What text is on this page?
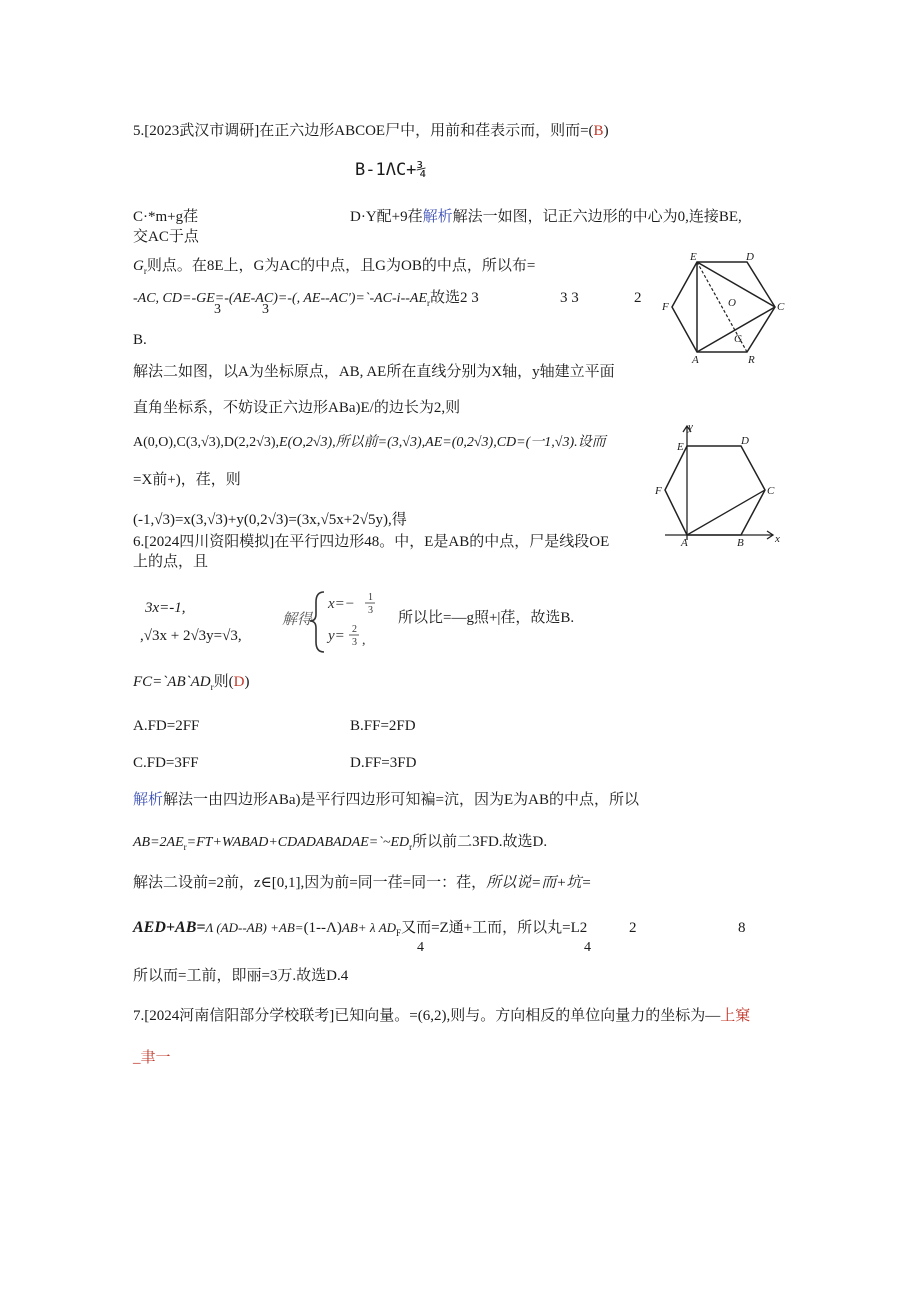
5.[2023武汉市调研]在正六边形ABCOE尸中，用前和荏表示而，则而=(B)
B-1ΛC+¾
C·*m+g荏	D·Y配+9荏解析解法一如图，记正六边形的中心为0,连接BE,
交AC于点
$G_r$则点。在8E上，G为AC的中点，且G为OB的中点，所以布=
-AC, CD=-GE=-(AE-AC)=-(, $AE--AC')=`-AC-i--AE_r$故选2 3
3	3
3 3	2
B.
解法二如图，以A为坐标原点，AB, AE所在直线分别为X轴，y轴建立平面
直角坐标系，不妨设正六边形ABa)E/的边长为2,则
A(0,O),C(3,√3),D(2,2√3),E(O,2√3),所以前=(3,√3),AE=(0,2√3),CD=(一1,√3).设而
=X前+)，荏，则
(-1,√3)=x(3,√3)+y(0,2√3)=(3x,√5x+2√5y),得
6.[2024四川资阳模拟]在平行四边形48。中，E是AB的中点，尸是线段OE
上的点，且
3x=-1,
,√3x + 2√3y=√3,
解得
x=− 1
3
y= 2
3 ,
所以比=—g照+|荏，故选B.
$FC=`AB`AD_r$则(D)
A.FD=2FF	B.FF=2FD
C.FD=3FF	D.FF=3FD
解析解法一由四边形ABa)是平行四边形可知褊=沆，因为E为AB的中点，所以
$AB=2AE_r=FT+WABAD+CDADABADAE=`\sim ED_r$所以前二3FD.故选D.
解法二设前=2前，z∈[0,1],因为前=同一荏=同一：荏，所以说=而+坑=
AED+AB=Λ (AD--AB) +AB=(1--Λ)AB+ λ $AD_F$又而=Z通+工而，所以丸=L2	2	8
4	4
所以而=工前，即丽=3万.故选D.4
7.[2024河南信阳部分学校联考]已知向量。=(6,2),则与。方向相反的单位向量力的坐标为—上窠
_聿一
E	D
C
F
A	R
O
G
y
x
E	D
C
F
A	B
